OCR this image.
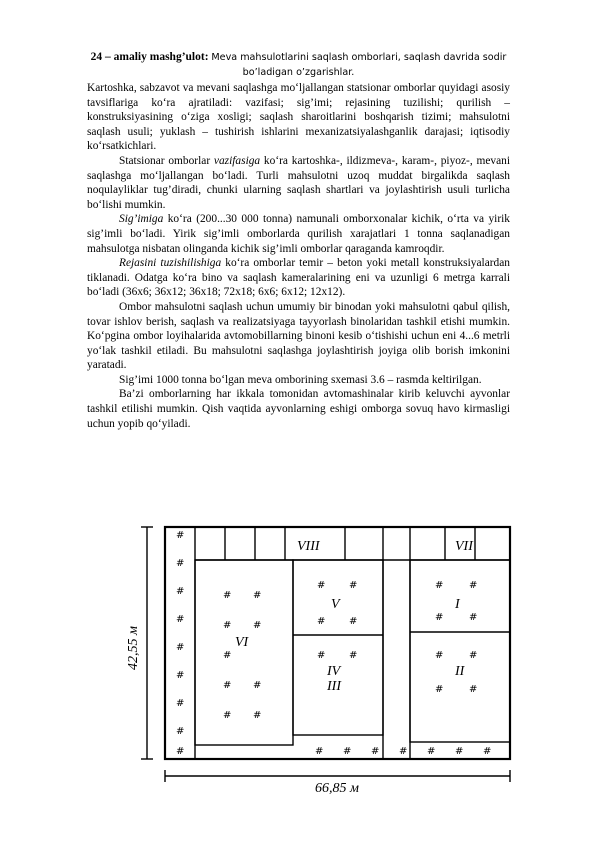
24 – amaliy mashg’ulot: Meva mahsulotlarini saqlash omborlari, saqlash davrida sodir bo’ladigan o’zgarishlar.

Kartoshka, sabzavot va mevani saqlashga mo‘ljallangan statsionar omborlar quyidagi asosiy tavsiflariga ko‘ra ajratiladi: vazifasi; sig’imi; rejasining tuzilishi; qurilish – konstruksiyasining o‘ziga xosligi; saqlash sharoitlarini boshqarish tizimi; mahsulotni saqlash usuli; yuklash – tushirish ishlarini mexanizatsiyalashganlik darajasi; iqtisodiy ko‘rsatkichlari.

Statsionar omborlar vazifasiga ko‘ra kartoshka-, ildizmeva-, karam-, piyoz-, mevani saqlashga mo‘ljallangan bo‘ladi. Turli mahsulotni uzoq muddat birgalikda saqlash noqulayliklar tug’diradi, chunki ularning saqlash shartlari va joylashtirish usuli turlicha bo‘lishi mumkin.

Sig’imiga ko‘ra (200...30 000 tonna) namunali omborxonalar kichik, o‘rta va yirik sig’imli bo‘ladi. Yirik sig’imli omborlarda qurilish xarajatlari 1 tonna saqlanadigan mahsulotga nisbatan olinganda kichik sig’imli omborlar qaraganda kamroqdir.

Rejasini tuzishilishiga ko‘ra omborlar temir – beton yoki metall konstruksiyalardan tiklanadi. Odatga ko‘ra bino va saqlash kameralarining eni va uzunligi 6 metrga karrali bo‘ladi (36x6; 36x12; 36x18; 72x18; 6x6; 6x12; 12x12).

Ombor mahsulotni saqlash uchun umumiy bir binodan yoki mahsulotni qabul qilish, tovar ishlov berish, saqlash va realizatsiyaga tayyorlash binolaridan tashkil etishi mumkin. Ko‘pgina ombor loyihalarida avtomobillarning binoni kesib o‘tishishi uchun eni 4...6 metrli yo‘lak tashkil etiladi. Bu mahsulotni saqlashga joylashtirish joyiga olib borish imkonini yaratadi.

Sig’imi 1000 tonna bo‘lgan meva omborining sxemasi 3.6 – rasmda keltirilgan.

Ba’zi omborlarning har ikkala tomonidan avtomashinalar kirib keluvchi ayvonlar tashkil etilishi mumkin. Qish vaqtida ayvonlarning eshigi omborga sovuq havo kirmasligi uchun yopib qo‘yiladi.

#
#
#
#
#
#
#
#
#
# #
# #
#
# #
# #
# #
# #
# #
#	#
#	#
#	#
#	#
# # # # # # #
VIII	VII
V	I
VI
IV
III
II
42,55 м
66,85 м
